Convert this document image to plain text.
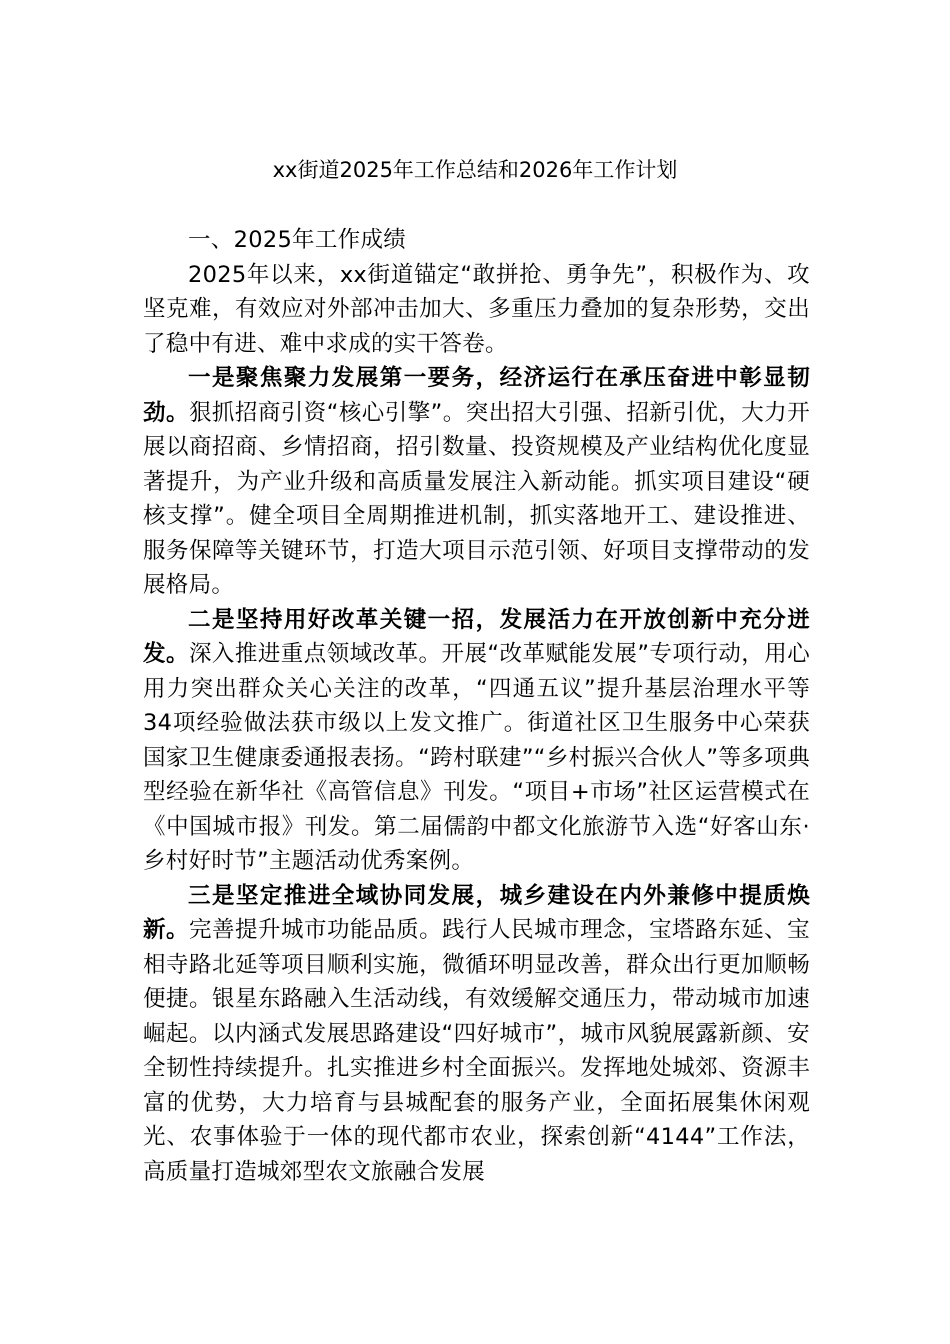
xx街道2025年工作总结和2026年工作计划

一、2025年工作成绩

2025年以来，xx街道锚定“敢拼抢、勇争先”，积极作为、攻坚克难，有效应对外部冲击加大、多重压力叠加的复杂形势，交出了稳中有进、难中求成的实干答卷。

一是聚焦聚力发展第一要务，经济运行在承压奋进中彰显韧劲。狠抓招商引资“核心引擎”。突出招大引强、招新引优，大力开展以商招商、乡情招商，招引数量、投资规模及产业结构优化度显著提升，为产业升级和高质量发展注入新动能。抓实项目建设“硬核支撑”。健全项目全周期推进机制，抓实落地开工、建设推进、服务保障等关键环节，打造大项目示范引领、好项目支撑带动的发展格局。

二是坚持用好改革关键一招，发展活力在开放创新中充分迸发。深入推进重点领域改革。开展“改革赋能发展”专项行动，用心用力突出群众关心关注的改革，“四通五议”提升基层治理水平等34项经验做法获市级以上发文推广。街道社区卫生服务中心荣获国家卫生健康委通报表扬。“跨村联建”“乡村振兴合伙人”等多项典型经验在新华社《高管信息》刊发。“项目+市场”社区运营模式在《中国城市报》刊发。第二届儒韵中都文化旅游节入选“好客山东·乡村好时节”主题活动优秀案例。

三是坚定推进全域协同发展，城乡建设在内外兼修中提质焕新。完善提升城市功能品质。践行人民城市理念，宝塔路东延、宝相寺路北延等项目顺利实施，微循环明显改善，群众出行更加顺畅便捷。银星东路融入生活动线，有效缓解交通压力，带动城市加速崛起。以内涵式发展思路建设“四好城市”，城市风貌展露新颜、安全韧性持续提升。扎实推进乡村全面振兴。发挥地处城郊、资源丰富的优势，大力培育与县城配套的服务产业，全面拓展集休闲观光、农事体验于一体的现代都市农业，探索创新“4144”工作法，高质量打造城郊型农文旅融合发展
